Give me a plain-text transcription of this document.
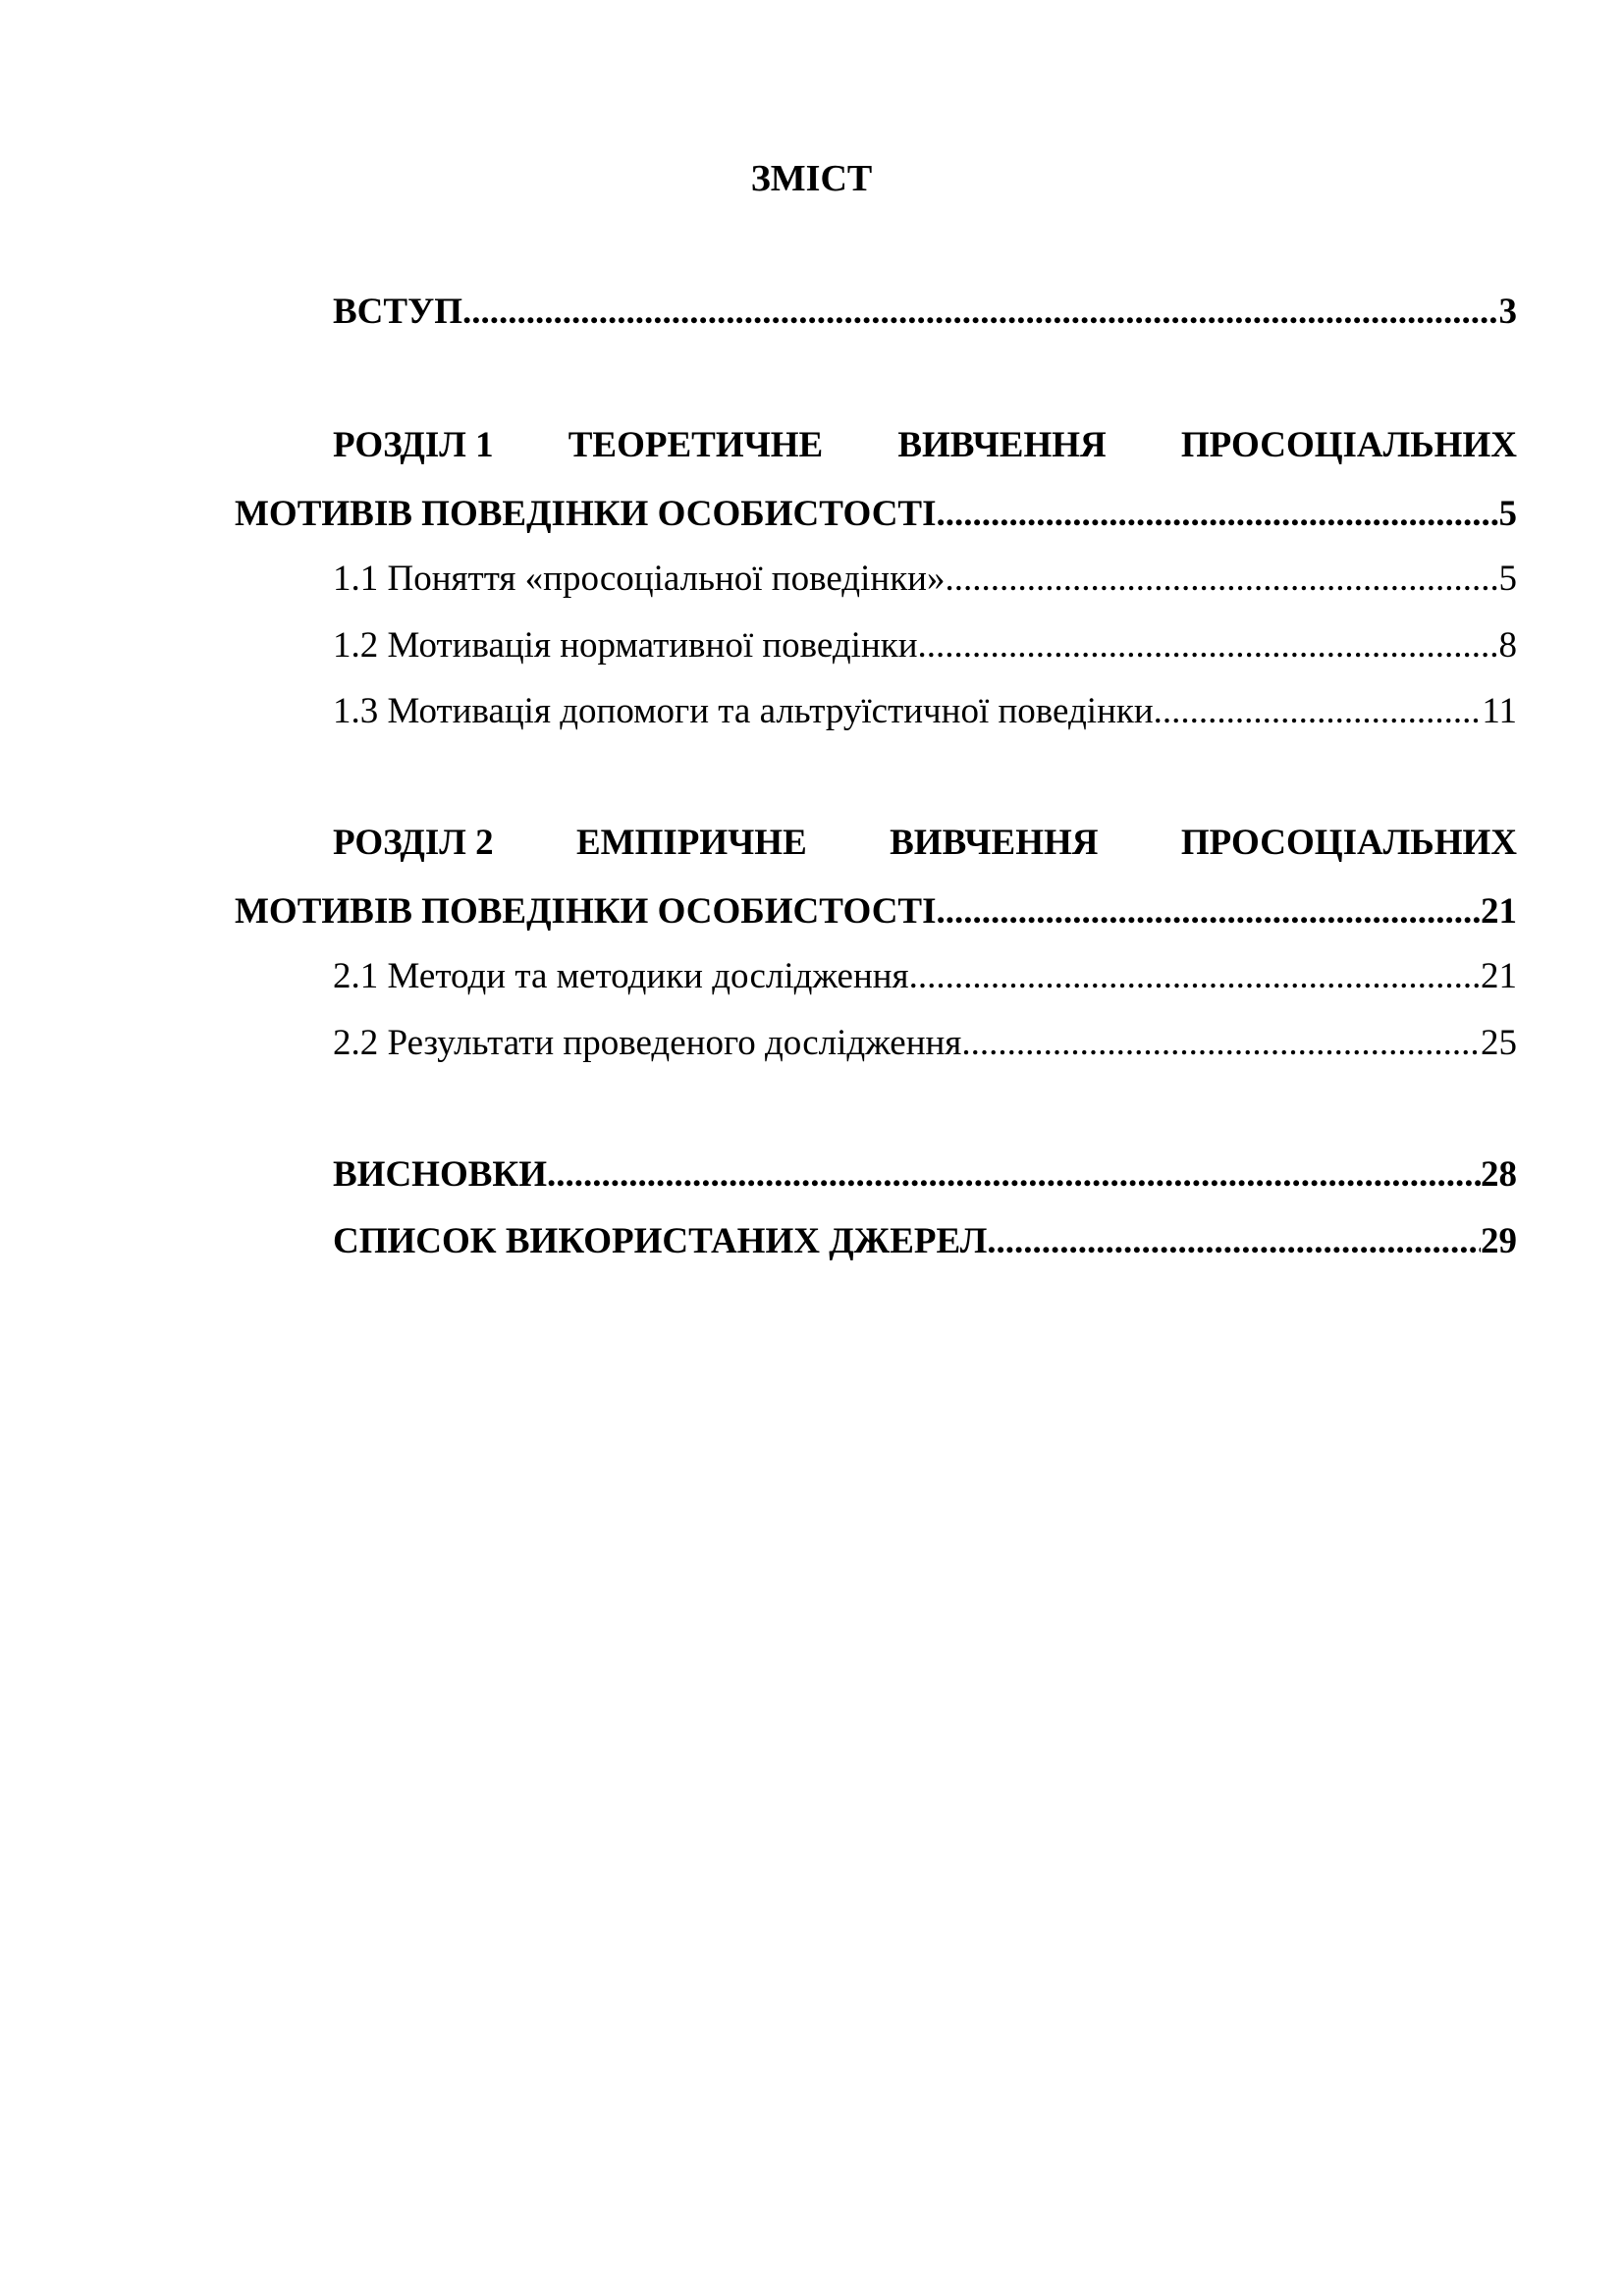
ЗМІСТ
ВСТУП .....	3
РОЗДІЛ 1 ТЕОРЕТИЧНЕ ВИВЧЕННЯ ПРОСОЦІАЛЬНИХ
МОТИВІВ ПОВЕДІНКИ ОСОБИСТОСТІ .....	5
1.1 Поняття «просоціальної поведінки» .....	5
1.2 Мотивація нормативної поведінки .....	8
1.3 Мотивація допомоги та альтруїстичної поведінки .....	11
РОЗДІЛ 2 ЕМПІРИЧНЕ ВИВЧЕННЯ ПРОСОЦІАЛЬНИХ
МОТИВІВ ПОВЕДІНКИ ОСОБИСТОСТІ .....	21
2.1 Методи та методики дослідження .....	21
2.2 Результати проведеного дослідження .....	25
ВИСНОВКИ .....	28
СПИСОК ВИКОРИСТАНИХ ДЖЕРЕЛ .....	29
